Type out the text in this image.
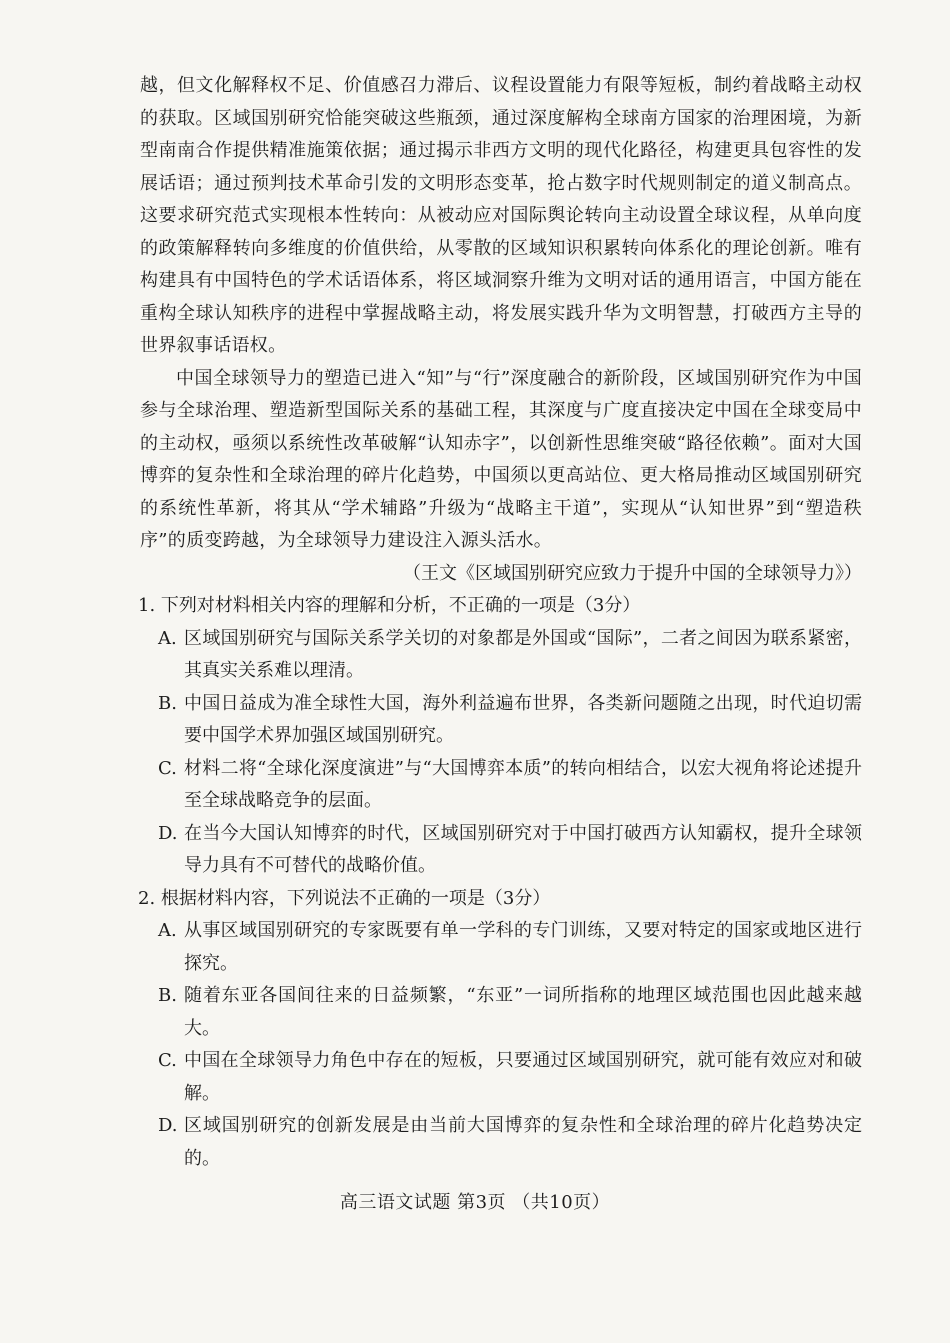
越，但文化解释权不足、价值感召力滞后、议程设置能力有限等短板，制约着战略主动权的获取。区域国别研究恰能突破这些瓶颈，通过深度解构全球南方国家的治理困境，为新型南南合作提供精准施策依据；通过揭示非西方文明的现代化路径，构建更具包容性的发展话语；通过预判技术革命引发的文明形态变革，抢占数字时代规则制定的道义制高点。这要求研究范式实现根本性转向：从被动应对国际舆论转向主动设置全球议程，从单向度的政策解释转向多维度的价值供给，从零散的区域知识积累转向体系化的理论创新。唯有构建具有中国特色的学术话语体系，将区域洞察升维为文明对话的通用语言，中国方能在重构全球认知秩序的进程中掌握战略主动，将发展实践升华为文明智慧，打破西方主导的世界叙事话语权。

中国全球领导力的塑造已进入“知”与“行”深度融合的新阶段，区域国别研究作为中国参与全球治理、塑造新型国际关系的基础工程，其深度与广度直接决定中国在全球变局中的主动权，亟须以系统性改革破解“认知赤字”，以创新性思维突破“路径依赖”。面对大国博弈的复杂性和全球治理的碎片化趋势，中国须以更高站位、更大格局推动区域国别研究的系统性革新，将其从“学术辅路”升级为“战略主干道”，实现从“认知世界”到“塑造秩序”的质变跨越，为全球领导力建设注入源头活水。

（王文《区域国别研究应致力于提升中国的全球领导力》）

1. 下列对材料相关内容的理解和分析，不正确的一项是（3分）

A. 区域国别研究与国际关系学关切的对象都是外国或“国际”，二者之间因为联系紧密，其真实关系难以理清。
B. 中国日益成为准全球性大国，海外利益遍布世界，各类新问题随之出现，时代迫切需要中国学术界加强区域国别研究。
C. 材料二将“全球化深度演进”与“大国博弈本质”的转向相结合，以宏大视角将论述提升至全球战略竞争的层面。
D. 在当今大国认知博弈的时代，区域国别研究对于中国打破西方认知霸权，提升全球领导力具有不可替代的战略价值。

2. 根据材料内容，下列说法不正确的一项是（3分）

A. 从事区域国别研究的专家既要有单一学科的专门训练，又要对特定的国家或地区进行探究。
B. 随着东亚各国间往来的日益频繁，“东亚”一词所指称的地理区域范围也因此越来越大。
C. 中国在全球领导力角色中存在的短板，只要通过区域国别研究，就可能有效应对和破解。
D. 区域国别研究的创新发展是由当前大国博弈的复杂性和全球治理的碎片化趋势决定的。
高三语文试题 第3页 （共10页）
